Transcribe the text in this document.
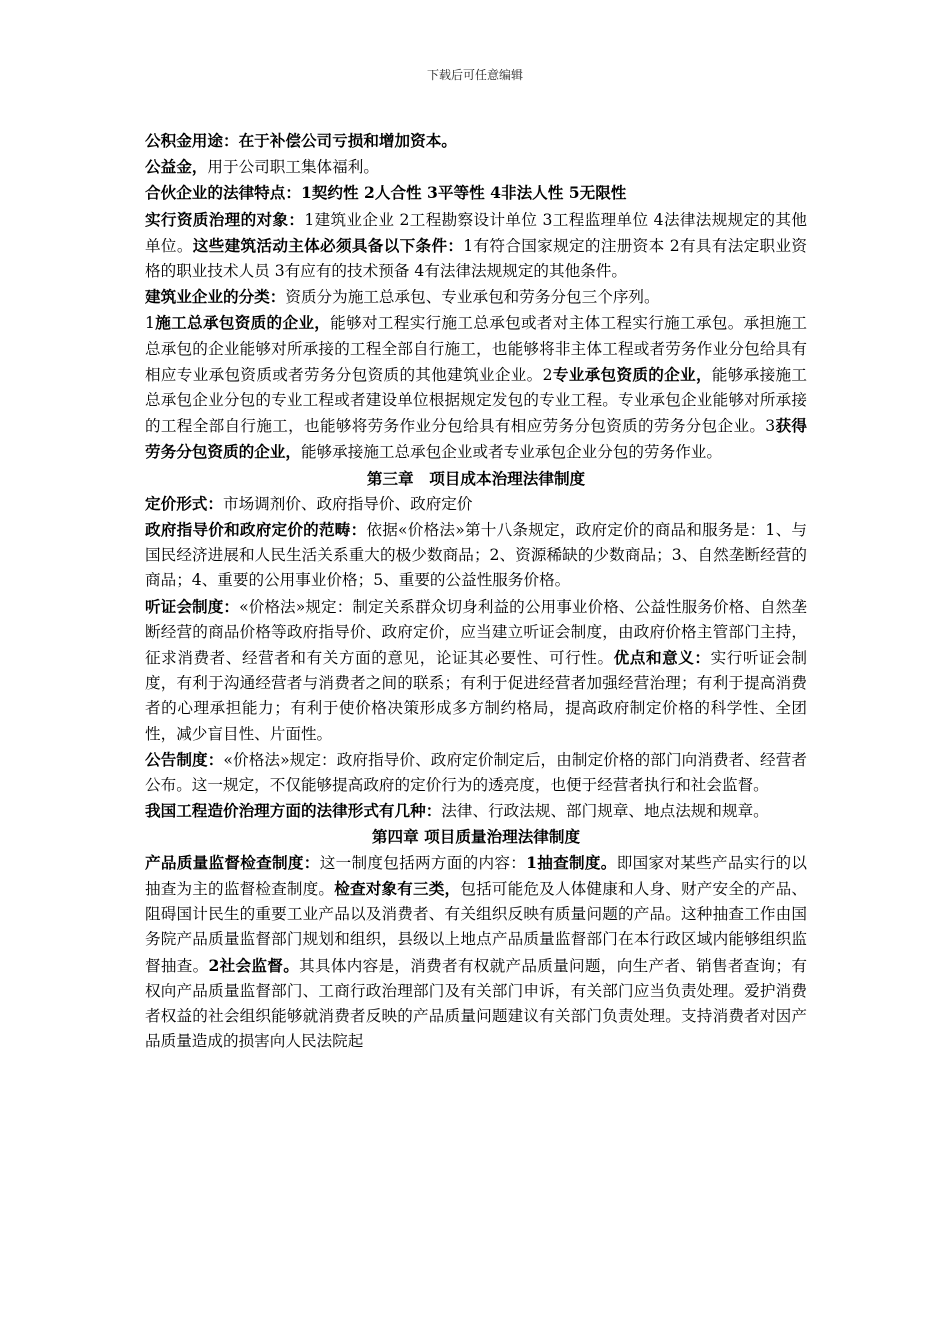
下载后可任意编辑

公积金用途：在于补偿公司亏损和增加资本。

公益金，用于公司职工集体福利。

合伙企业的法律特点：1契约性 2人合性 3平等性 4非法人性 5无限性

实行资质治理的对象：1建筑业企业 2工程勘察设计单位 3工程监理单位 4法律法规规定的其他单位。这些建筑活动主体必须具备以下条件：1有符合国家规定的注册资本 2有具有法定职业资格的职业技术人员 3有应有的技术预备 4有法律法规规定的其他条件。

建筑业企业的分类：资质分为施工总承包、专业承包和劳务分包三个序列。

1施工总承包资质的企业，能够对工程实行施工总承包或者对主体工程实行施工承包。承担施工总承包的企业能够对所承接的工程全部自行施工，也能够将非主体工程或者劳务作业分包给具有相应专业承包资质或者劳务分包资质的其他建筑业企业。2专业承包资质的企业，能够承接施工总承包企业分包的专业工程或者建设单位根据规定发包的专业工程。专业承包企业能够对所承接的工程全部自行施工，也能够将劳务作业分包给具有相应劳务分包资质的劳务分包企业。3获得劳务分包资质的企业，能够承接施工总承包企业或者专业承包企业分包的劳务作业。

第三章　项目成本治理法律制度

定价形式：市场调剂价、政府指导价、政府定价

政府指导价和政府定价的范畴：依据«价格法»第十八条规定，政府定价的商品和服务是：1、与国民经济进展和人民生活关系重大的极少数商品；2、资源稀缺的少数商品；3、自然垄断经营的商品；4、重要的公用事业价格；5、重要的公益性服务价格。

听证会制度：«价格法»规定：制定关系群众切身利益的公用事业价格、公益性服务价格、自然垄断经营的商品价格等政府指导价、政府定价，应当建立听证会制度，由政府价格主管部门主持，征求消费者、经营者和有关方面的意见，论证其必要性、可行性。优点和意义：实行听证会制度，有利于沟通经营者与消费者之间的联系；有利于促进经营者加强经营治理；有利于提高消费者的心理承担能力；有利于使价格决策形成多方制约格局，提高政府制定价格的科学性、全团性，减少盲目性、片面性。

公告制度：«价格法»规定：政府指导价、政府定价制定后，由制定价格的部门向消费者、经营者公布。这一规定，不仅能够提高政府的定价行为的透亮度，也便于经营者执行和社会监督。

我国工程造价治理方面的法律形式有几种：法律、行政法规、部门规章、地点法规和规章。

第四章 项目质量治理法律制度

产品质量监督检查制度：这一制度包括两方面的内容：1抽查制度。即国家对某些产品实行的以抽查为主的监督检查制度。检查对象有三类，包括可能危及人体健康和人身、财产安全的产品、阻碍国计民生的重要工业产品以及消费者、有关组织反映有质量问题的产品。这种抽查工作由国务院产品质量监督部门规划和组织，县级以上地点产品质量监督部门在本行政区域内能够组织监督抽查。2社会监督。其具体内容是，消费者有权就产品质量问题，向生产者、销售者查询；有权向产品质量监督部门、工商行政治理部门及有关部门申诉，有关部门应当负责处理。爱护消费者权益的社会组织能够就消费者反映的产品质量问题建议有关部门负责处理。支持消费者对因产品质量造成的损害向人民法院起
